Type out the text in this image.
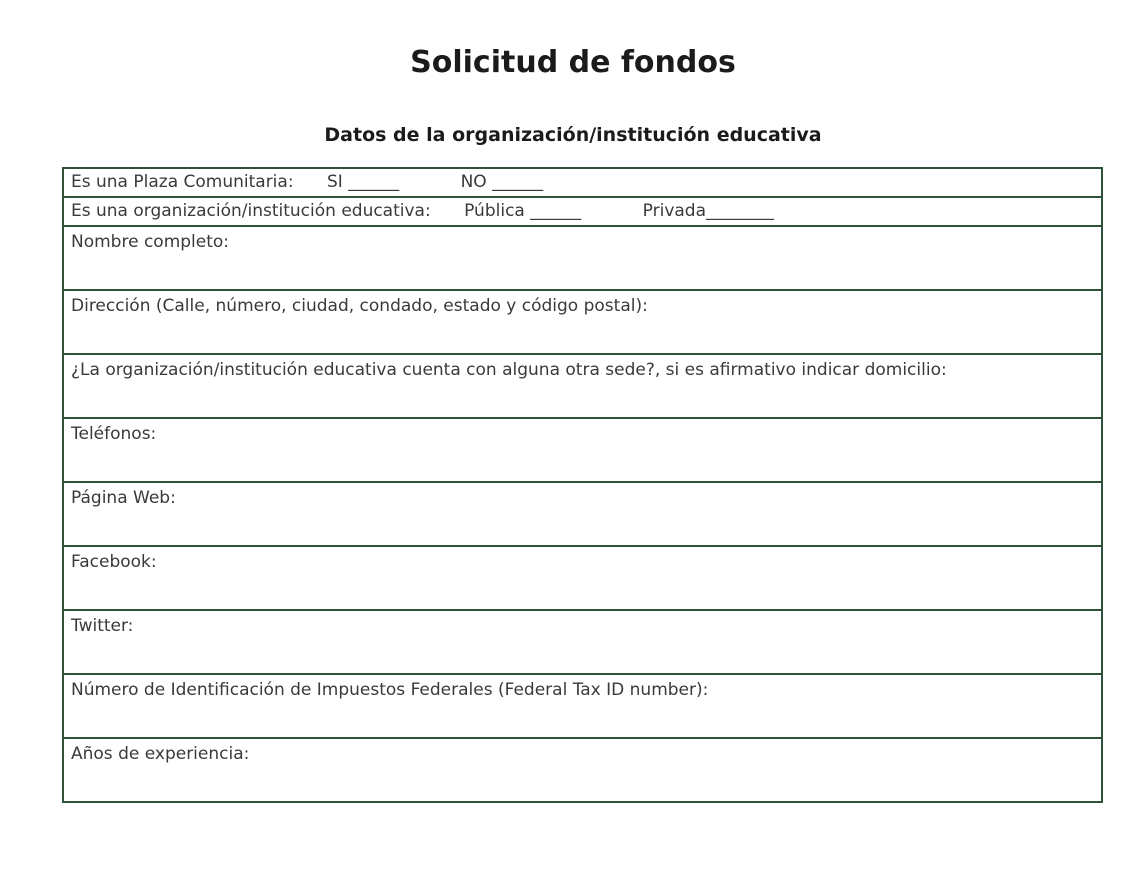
Solicitud de fondos
Datos de la organización/institución educativa
Es una Plaza Comunitaria: SI ______	NO ______
Es una organización/institución educativa: Pública ______	Privada________
Nombre completo:
Dirección (Calle, número, ciudad, condado, estado y código postal):
¿La organización/institución educativa cuenta con alguna otra sede?, si es afirmativo indicar domicilio:
Teléfonos:
Página Web:
Facebook:
Twitter:
Número de Identificación de Impuestos Federales (Federal Tax ID number):
Años de experiencia:
